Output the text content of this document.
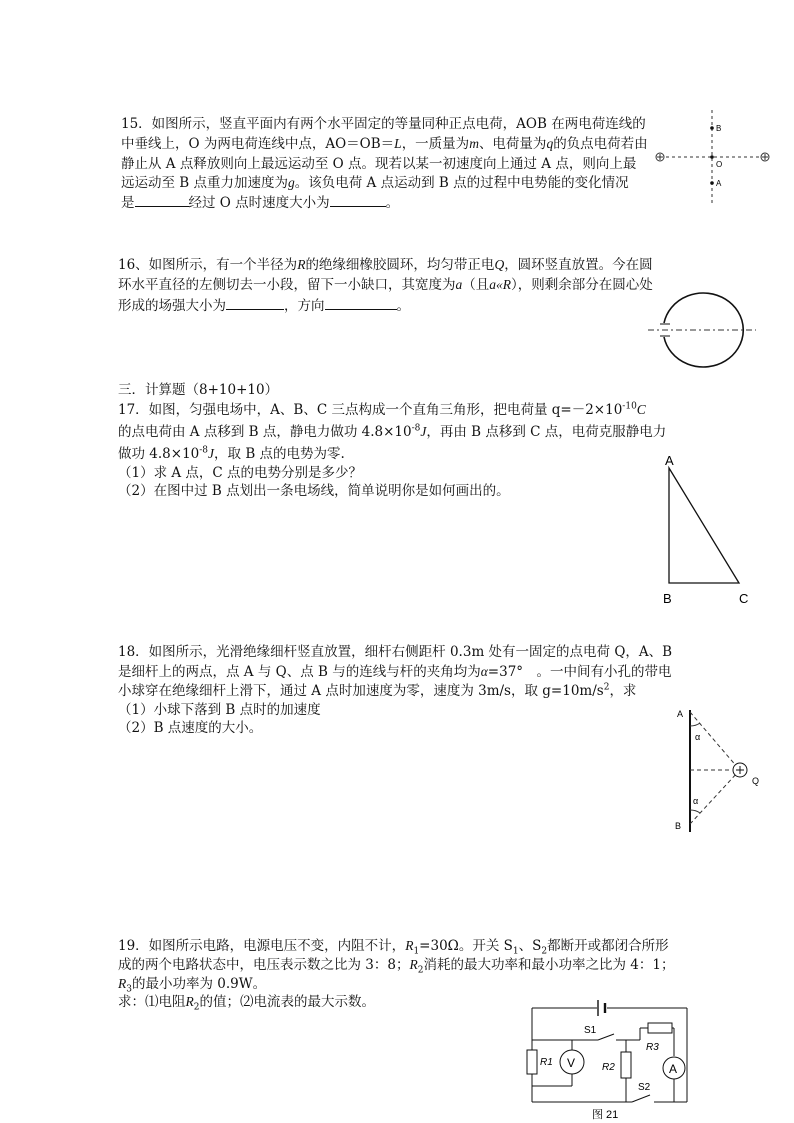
15．如图所示，竖直平面内有两个水平固定的等量同种正点电荷，AOB 在两电荷连线的
中垂线上，O 为两电荷连线中点，AO＝OB＝L，一质量为m、电荷量为q的负点电荷若由
静止从 A 点释放则向上最远运动至 O 点。现若以某一初速度向上通过 A 点，则向上最
远运动至 B 点重力加速度为g。该负电荷 A 点运动到 B 点的过程中电势能的变化情况
是	经过 O 点时速度大小为	。
B
O
A
16、如图所示，有一个半径为R的绝缘细橡胶圆环，均匀带正电Q，圆环竖直放置。今在圆
环水平直径的左侧切去一小段，留下一小缺口，其宽度为a（且a«R），则剩余部分在圆心处
形成的场强大小为	，方向	。
三．计算题（8+10+10）
17．如图，匀强电场中，A、B、C 三点构成一个直角三角形，把电荷量 $q=-2\times 10^{-10}C$
的点电荷由 A 点移到 B 点，静电力做功 $4.8\times 10^{-8}J$，再由 B 点移到 C 点，电荷克服静电力
做功 $4.8\times 10^{-8}J$，取 B 点的电势为零.
（1）求 A 点，C 点的电势分别是多少？
（2）在图中过 B 点划出一条电场线，简单说明你是如何画出的。
A
B	C
18．如图所示，光滑绝缘细杆竖直放置，细杆右侧距杆 0.3m 处有一固定的点电荷 Q，A、B
是细杆上的两点，点 A 与 Q、点 B 与的连线与杆的夹角均为α=37°　。一中间有小孔的带电
小球穿在绝缘细杆上滑下，通过 A 点时加速度为零，速度为 3m/s，取 $g=10m/s^2$，求
（1）小球下落到 B 点时的加速度
（2）B 点速度的大小。
A
B
Q
α
α
19．如图所示电路，电源电压不变，内阻不计，$R_1=30\Omega$。开关 $S_1$、$S_2$都断开或都闭合所形
成的两个电路状态中，电压表示数之比为 3：8；$R_2$消耗的最大功率和最小功率之比为 4：1；
$R_3$的最小功率为 0.9W。
求：⑴电阻$R_2$的值；⑵电流表的最大示数。
R1 V
S1
R2
R3
A
S2
图 21
